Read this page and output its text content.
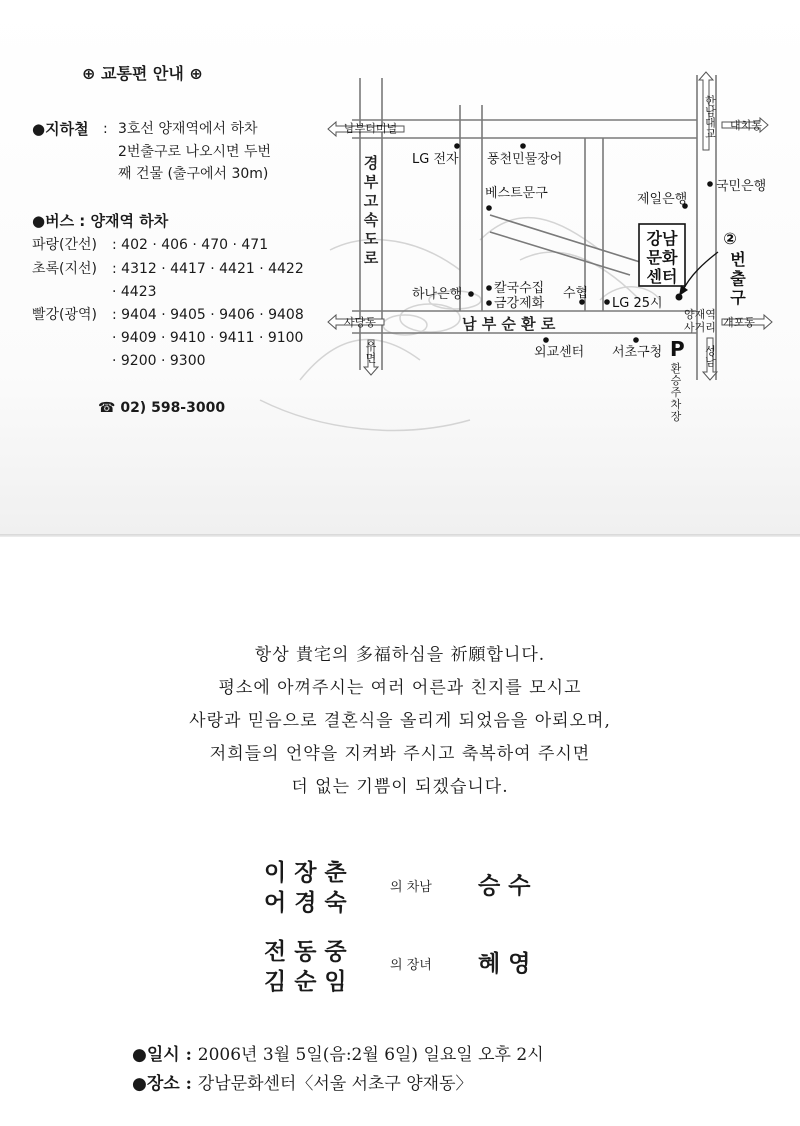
⊕ 교통편 안내 ⊕
●지하철 : 3호선 양재역에서 하차
2번출구로 나오시면 두번
째 건물 (출구에서 30m)
●버스 : 양재역 하차
파랑(간선) : 402 · 406 · 470 · 471
초록(지선) : 4312 · 4417 · 4421 · 4422
· 4423
빨강(광역) : 9404 · 9405 · 9406 · 9408
· 9409 · 9410 · 9411 · 9100
· 9200 · 9300
☎ 02) 598-3000
남부터미널	대치동
사당동	개포동
한남대교
성남
경
부
고
속
도
로
우
면
남 부 순 환 로
LG 전자 풍천민물장어
베스트문구	제일은행
국민은행
하나은행 칼국수집
금강제화
수협
LG 25시
외교센터 서초구청
양재역
사거리
강남
문화
센터
②
번
출
구
P
환
승
주
차
장
항상 貴宅의 多福하심을 祈願합니다.
평소에 아껴주시는 여러 어른과 친지를 모시고
사랑과 믿음으로 결혼식을 올리게 되었음을 아뢰오며,
저희들의 언약을 지켜봐 주시고 축복하여 주시면
더 없는 기쁨이 되겠습니다.
이장춘
어경숙
의 차남 승수
전동중
김순임
의 장녀 혜영
●일시 : 2006년 3월 5일(음:2월 6일) 일요일 오후 2시
●장소 : 강남문화센터〈서울 서초구 양재동〉
